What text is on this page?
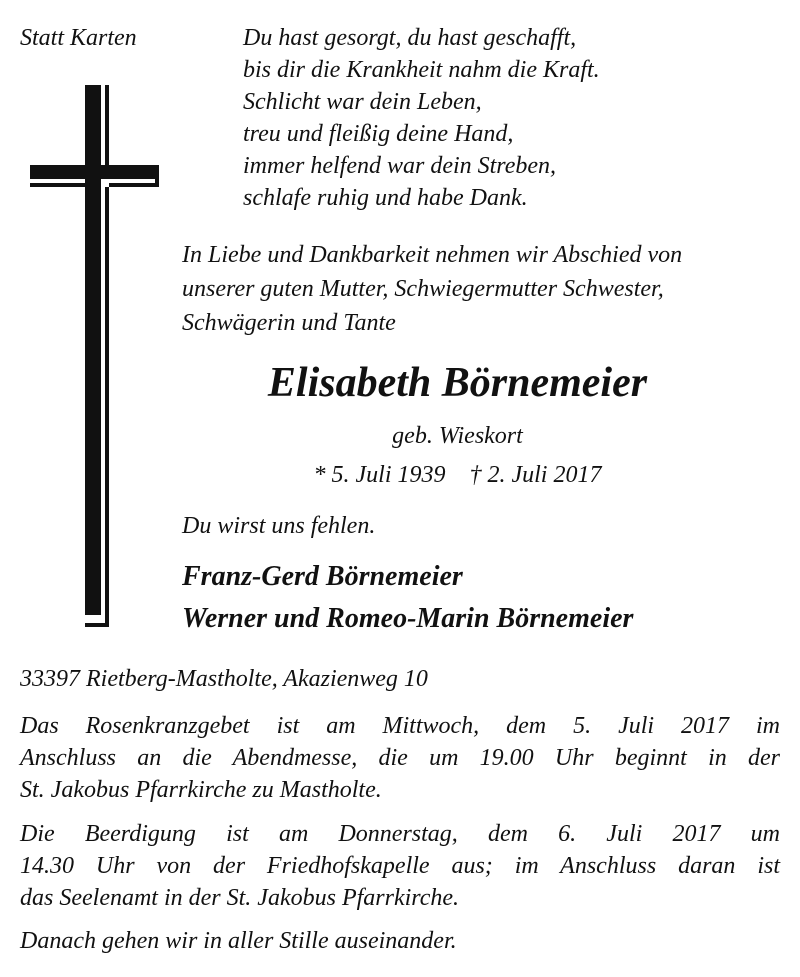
Statt Karten	Du hast gesorgt, du hast geschafft,
bis dir die Krankheit nahm die Kraft.
Schlicht war dein Leben,
treu und fleißig deine Hand,
immer helfend war dein Streben,
schlafe ruhig und habe Dank.
In Liebe und Dankbarkeit nehmen wir Abschied von
unserer guten Mutter, Schwiegermutter Schwester,
Schwägerin und Tante
Elisabeth Börnemeier
geb. Wieskort
* 5. Juli 1939    † 2. Juli 2017
Du wirst uns fehlen.
Franz-Gerd Börnemeier
Werner und Romeo-Marin Börnemeier
33397 Rietberg-Mastholte, Akazienweg 10
Das Rosenkranzgebet ist am Mittwoch, dem 5. Juli 2017 im
Anschluss an die Abendmesse, die um 19.00 Uhr beginnt in der
St. Jakobus Pfarrkirche zu Mastholte.
Die Beerdigung ist am Donnerstag, dem 6. Juli 2017 um
14.30 Uhr von der Friedhofskapelle aus; im Anschluss daran ist
das Seelenamt in der St. Jakobus Pfarrkirche.
Danach gehen wir in aller Stille auseinander.
